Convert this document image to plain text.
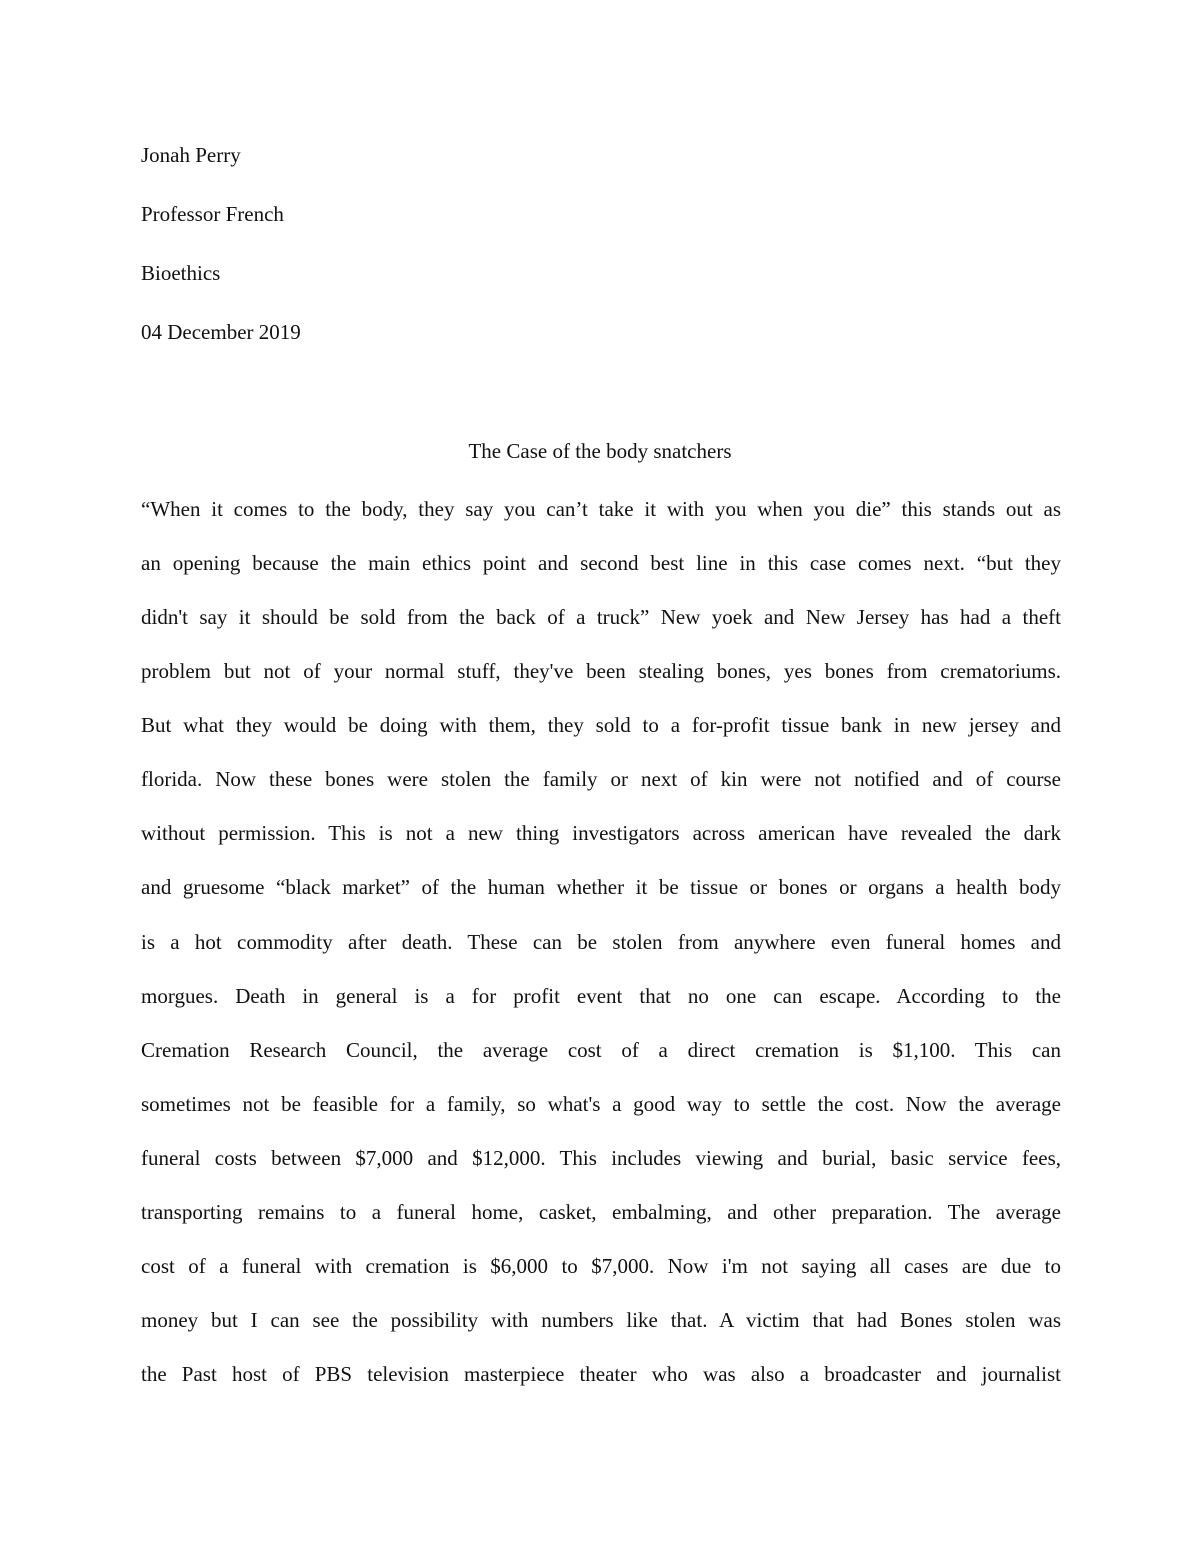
Jonah Perry
Professor French
Bioethics
04 December 2019
The Case of the body snatchers
“When it comes to the body, they say you can’t take it with you when you die” this stands out as
an opening because the main ethics point and second best line in this case comes next. “but they
didn't say it should be sold from the back of a truck” New yoek and New Jersey has had a theft
problem but not of your normal stuff, they've been stealing bones, yes bones from crematoriums.
But what they would be doing with them, they sold to a for-profit tissue bank in new jersey and
florida. Now these bones were stolen the family or next of kin were not notified and of course
without permission. This is not a new thing investigators across american have revealed the dark
and gruesome “black market” of the human whether it be tissue or bones or organs a health body
is a hot commodity after death. These can be stolen from anywhere even funeral homes and
morgues. Death in general is a for profit event that no one can escape. According to the
Cremation Research Council, the average cost of a direct cremation is $1,100. This can
sometimes not be feasible for a family, so what's a good way to settle the cost. Now the average
funeral costs between $7,000 and $12,000. This includes viewing and burial, basic service fees,
transporting remains to a funeral home, casket, embalming, and other preparation. The average
cost of a funeral with cremation is $6,000 to $7,000. Now i'm not saying all cases are due to
money but I can see the possibility with numbers like that. A victim that had Bones stolen was
the Past host of PBS television masterpiece theater who was also a broadcaster and journalist
